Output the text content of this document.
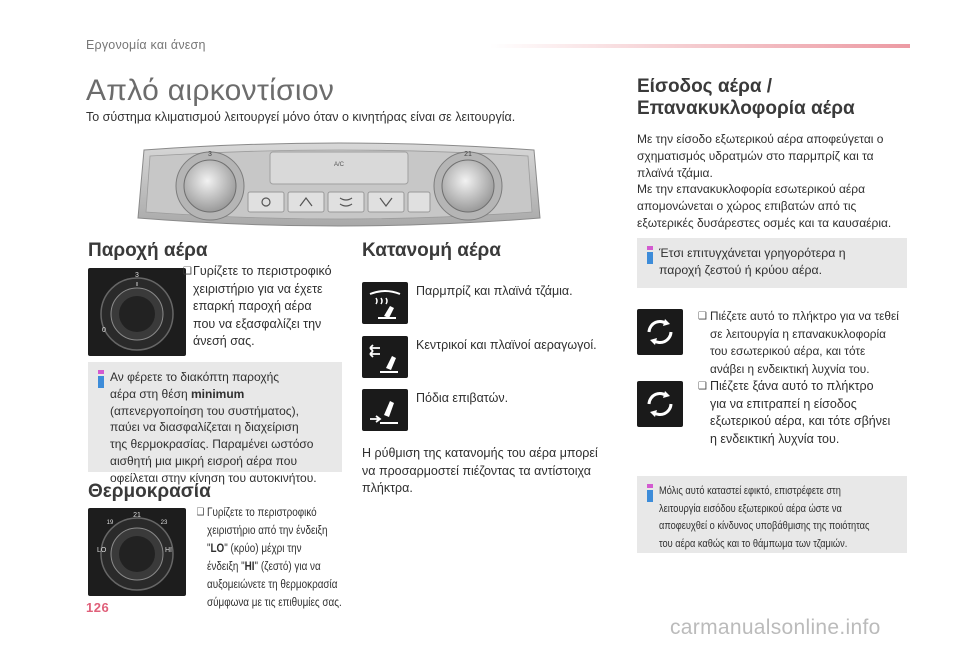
Εργονομία και άνεση
Απλό αιρκοντίσιον
Το σύστημα κλιματισμού λειτουργεί μόνο όταν ο κινητήρας είναι σε λειτουργία.
3	21
A/C
Παροχή αέρα
3
0
❑ Γυρίζετε το περιστροφικό
χειριστήριο για να έχετε
επαρκή παροχή αέρα
που να εξασφαλίζει την
άνεσή σας.
Αν φέρετε το διακόπτη παροχής
αέρα στη θέση minimum
(απενεργοποίηση του συστήματος),
παύει να διασφαλίζεται η διαχείριση
της θερμοκρασίας. Παραμένει ωστόσο
αισθητή μια μικρή εισροή αέρα που
οφείλεται στην κίνηση του αυτοκινήτου.
Θερμοκρασία
21
19	23
LO	HI
❑ Γυρίζετε το περιστροφικό
χειριστήριο από την ένδειξη
"LO" (κρύο) μέχρι την
ένδειξη "HI" (ζεστό) για να
αυξομειώνετε τη θερμοκρασία
σύμφωνα με τις επιθυμίες σας.
Κατανομή αέρα
Παρμπρίζ και πλαϊνά τζάμια.
Κεντρικοί και πλαϊνοί αεραγωγοί.
Πόδια επιβατών.
Η ρύθμιση της κατανομής του αέρα μπορεί
να προσαρμοστεί πιέζοντας τα αντίστοιχα
πλήκτρα.
Είσοδος αέρα /
Επανακυκλοφορία αέρα
Με την είσοδο εξωτερικού αέρα αποφεύγεται ο
σχηματισμός υδρατμών στο παρμπρίζ και τα
πλαϊνά τζάμια.
Με την επανακυκλοφορία εσωτερικού αέρα
απομονώνεται ο χώρος επιβατών από τις
εξωτερικές δυσάρεστες οσμές και τα καυσαέρια.
Έτσι επιτυγχάνεται γρηγορότερα η
παροχή ζεστού ή κρύου αέρα.
❑ Πιέζετε αυτό το πλήκτρο για να τεθεί
σε λειτουργία η επανακυκλοφορία
του εσωτερικού αέρα, και τότε
ανάβει η ενδεικτική λυχνία του.
❑ Πιέζετε ξάνα αυτό το πλήκτρο
για να επιτραπεί η είσοδος
εξωτερικού αέρα, και τότε σβήνει
η ενδεικτική λυχνία του.
Μόλις αυτό καταστεί εφικτό, επιστρέφετε στη
λειτουργία εισόδου εξωτερικού αέρα ώστε να
αποφευχθεί ο κίνδυνος υποβάθμισης της ποιότητας
του αέρα καθώς και το θάμπωμα των τζαμιών.
126
carmanualsonline.info
